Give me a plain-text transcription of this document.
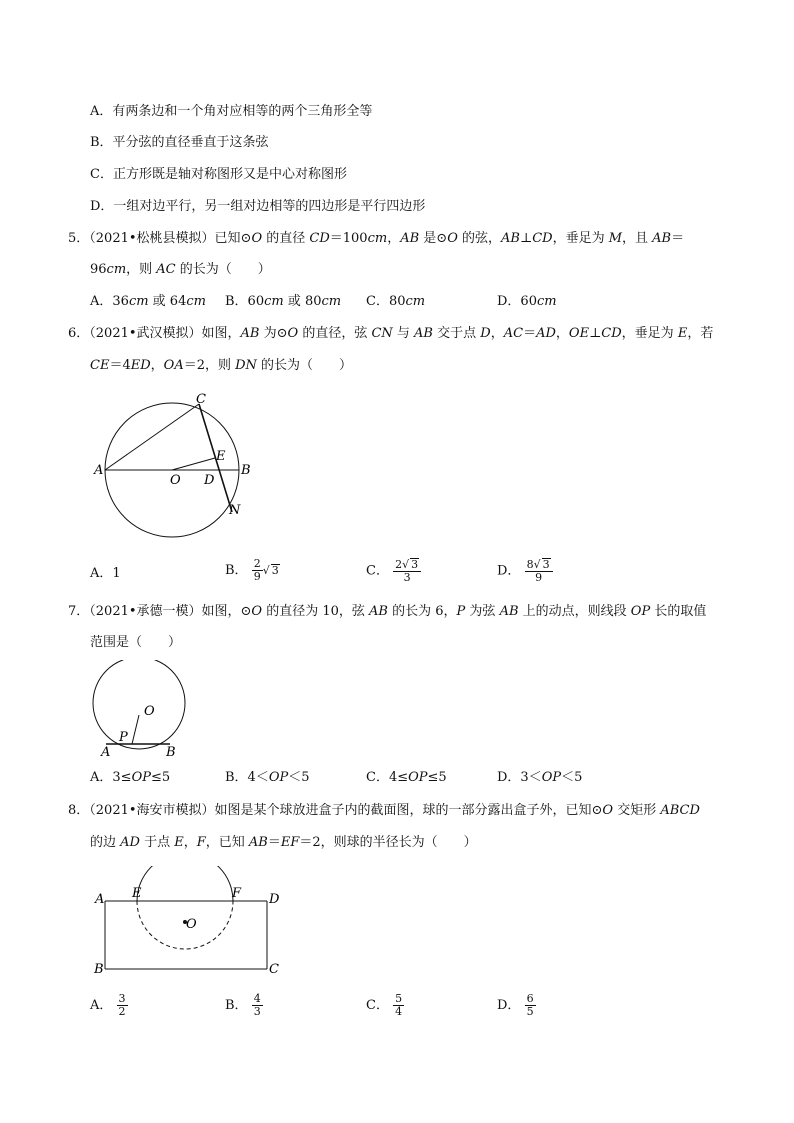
A．有两条边和一个角对应相等的两个三角形全等
B．平分弦的直径垂直于这条弦
C．正方形既是轴对称图形又是中心对称图形
D．一组对边平行，另一组对边相等的四边形是平行四边形
5．（2021•松桃县模拟）已知⊙O 的直径 CD＝100cm，AB 是⊙O 的弦，AB⊥CD，垂足为 M，且 AB＝
96cm，则 AC 的长为（　　）
A．36cm 或 64cm B．60cm 或 80cm C．80cm	D．60cm
6．（2021•武汉模拟）如图，AB 为⊙O 的直径，弦 CN 与 AB 交于点 D，AC＝AD，OE⊥CD，垂足为 E，若
CE＝4ED，OA＝2，则 DN 的长为（　　）
A	B
C
O D
E
N
A．1	B． $\frac{2}{9}$ √ 3	C． $\frac{2√ 3}{3}$	D． $\frac{8√ 3}{9}$
7．（2021•承德一模）如图，⊙O 的直径为 10，弦 AB 的长为 6，P 为弦 AB 上的动点，则线段 OP 长的取值
范围是（　　）
O
P
A	B
A．3≤OP≤5	B．4＜OP＜5	C．4≤OP≤5	D．3＜OP＜5
8．（2021•海安市模拟）如图是某个球放进盒子内的截面图，球的一部分露出盒子外，已知⊙O 交矩形 ABCD
的边 AD 于点 E，F，已知 AB＝EF＝2，则球的半径长为（　　）
A E	F D
O
B	C
A． $\frac{3}{2}$	B． $\frac{4}{3}$	C． $\frac{5}{4}$	D． $\frac{6}{5}$
